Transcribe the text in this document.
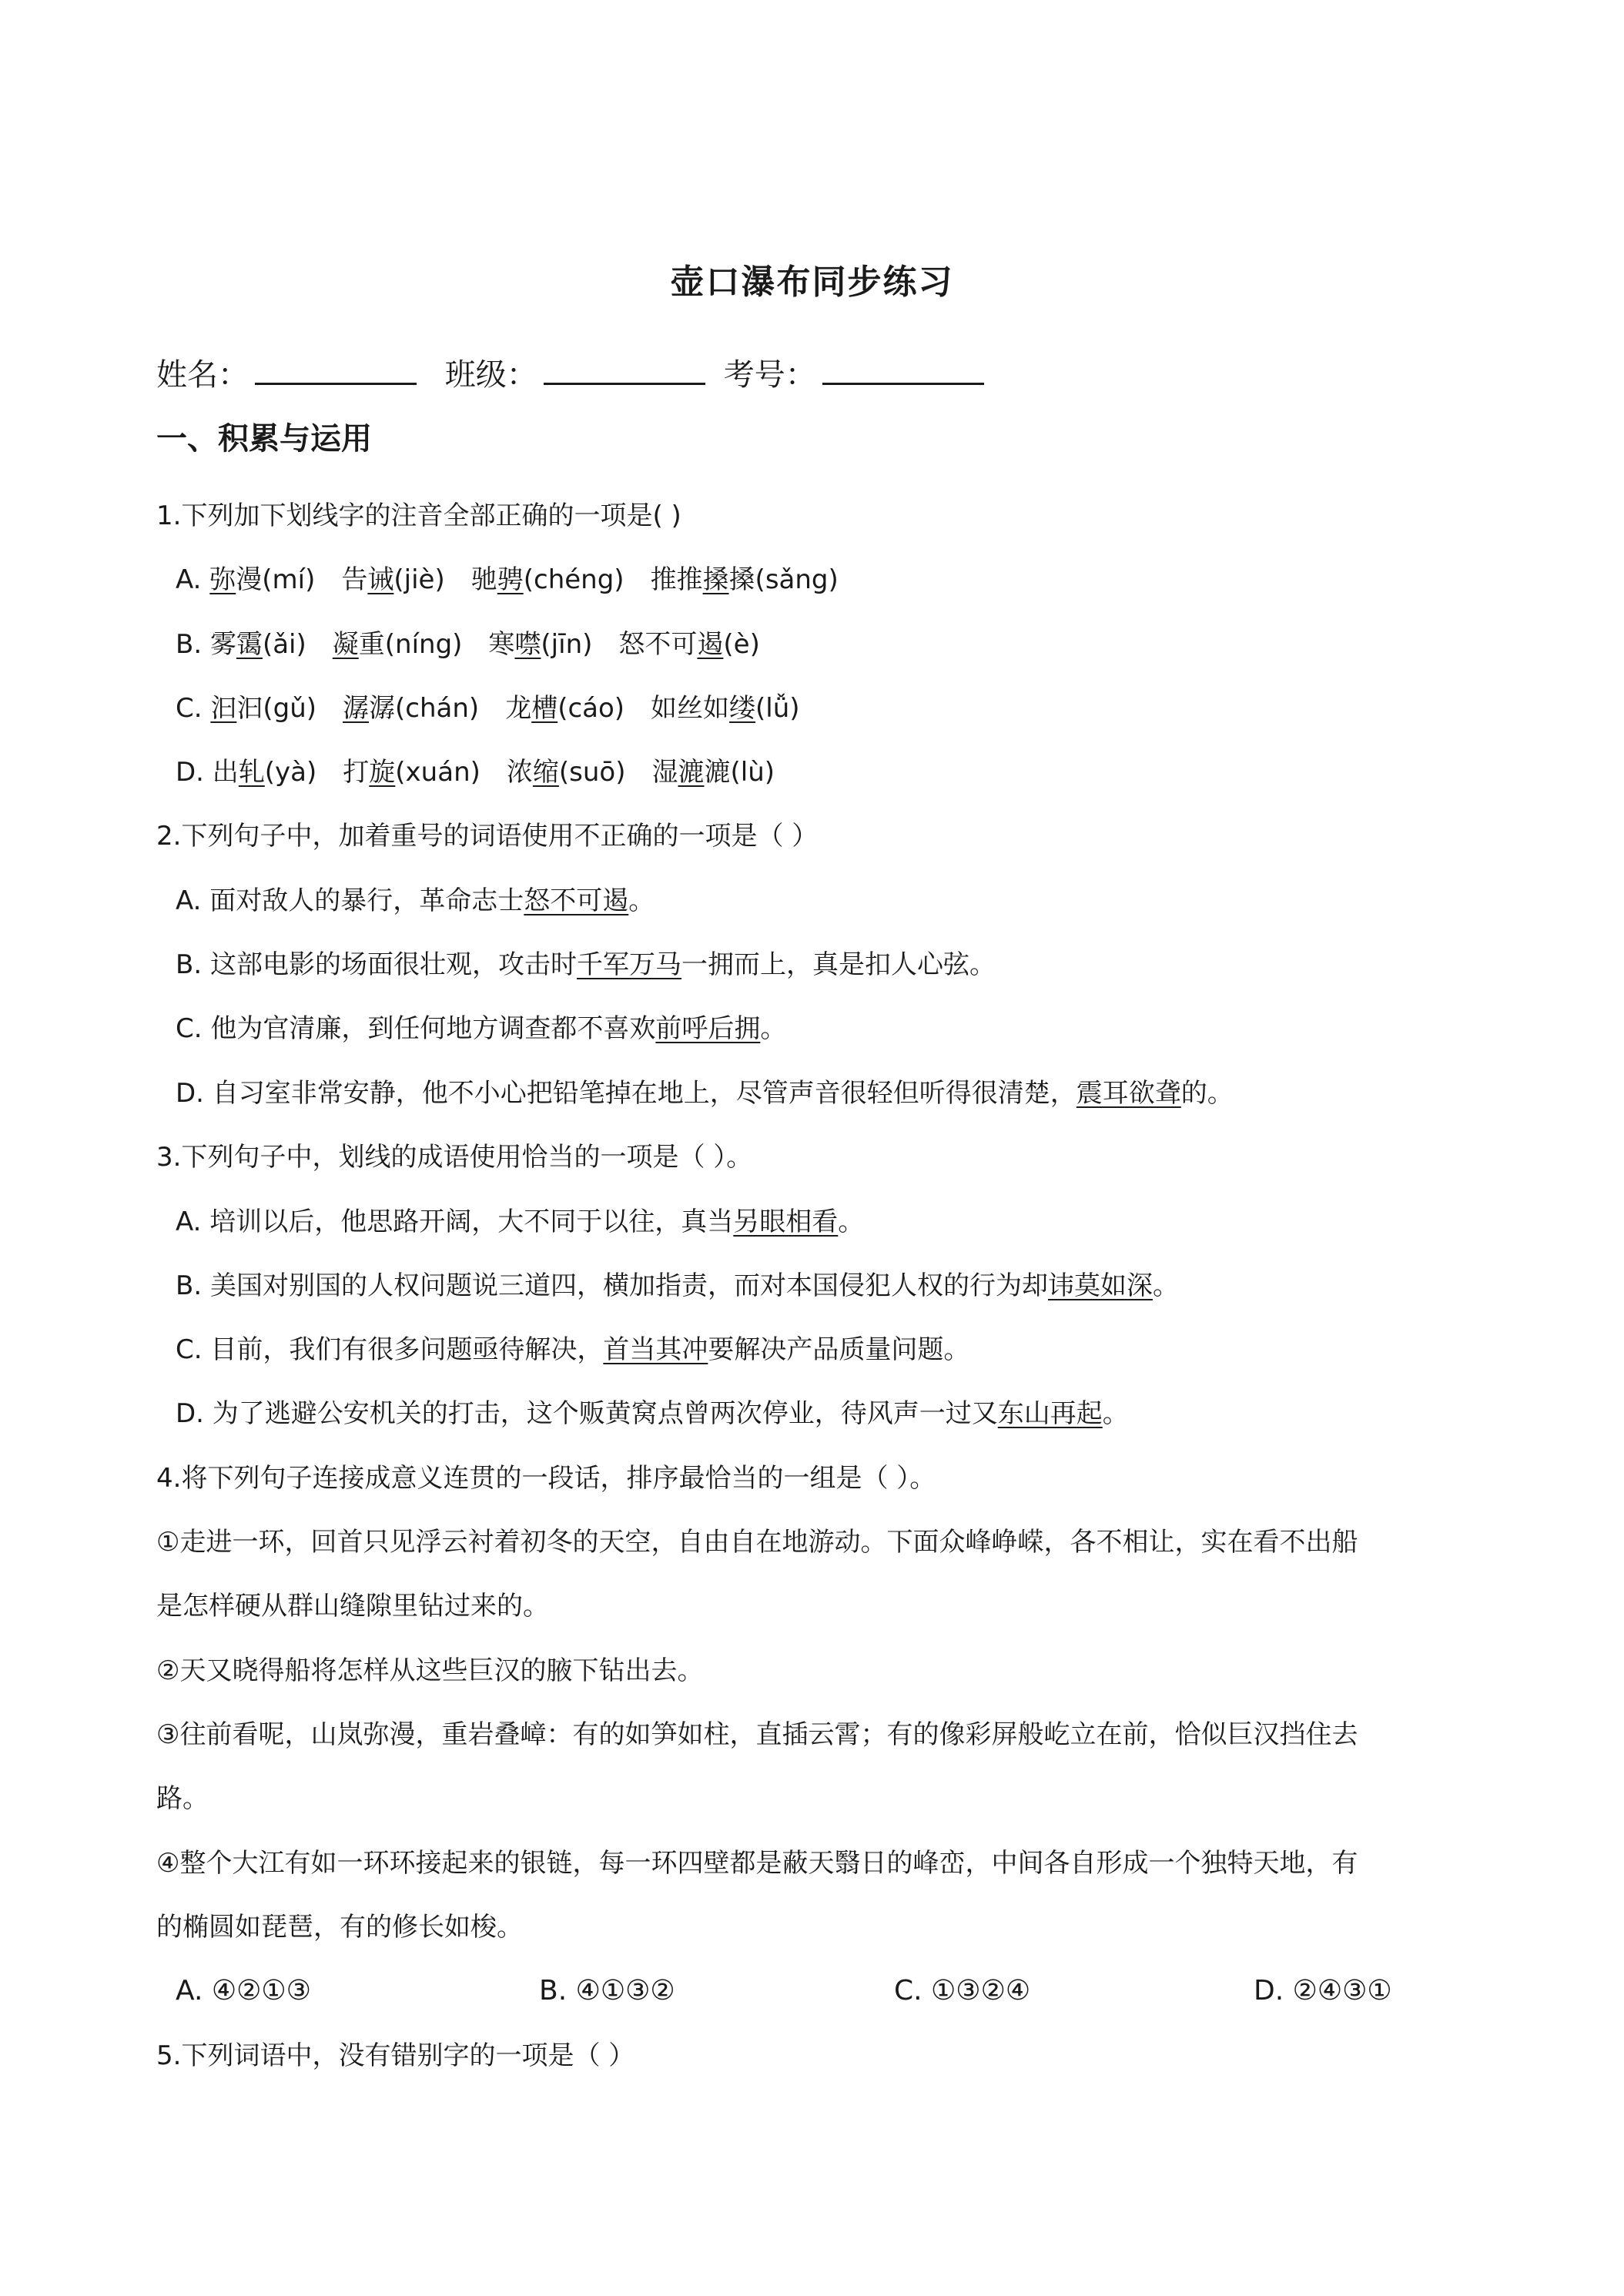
壶口瀑布同步练习
姓名：	班级：	考号：
一、积累与运用
1.下列加下划线字的注音全部正确的一项是( )
A. 弥漫(mí) 告诫(jiè) 驰骋(chéng) 推推搡搡(sǎng)
B. 雾霭(ǎi) 凝重(níng) 寒噤(jīn) 怒不可遏(è)
C. 汩汩(gǔ) 潺潺(chán) 龙槽(cáo) 如丝如缕(lǚ)
D. 出轧(yà) 打旋(xuán) 浓缩(suō) 湿漉漉(lù)
2.下列句子中，加着重号的词语使用不正确的一项是（ ）
A. 面对敌人的暴行，革命志士怒不可遏。
B. 这部电影的场面很壮观，攻击时千军万马一拥而上，真是扣人心弦。
C. 他为官清廉，到任何地方调查都不喜欢前呼后拥。
D. 自习室非常安静，他不小心把铅笔掉在地上，尽管声音很轻但听得很清楚，震耳欲聋的。
3.下列句子中，划线的成语使用恰当的一项是（ ）。
A. 培训以后，他思路开阔，大不同于以往，真当另眼相看。
B. 美国对别国的人权问题说三道四，横加指责，而对本国侵犯人权的行为却讳莫如深。
C. 目前，我们有很多问题亟待解决，首当其冲要解决产品质量问题。
D. 为了逃避公安机关的打击，这个贩黄窝点曾两次停业，待风声一过又东山再起。
4.将下列句子连接成意义连贯的一段话，排序最恰当的一组是（ ）。
①走进一环，回首只见浮云衬着初冬的天空，自由自在地游动。下面众峰峥嵘，各不相让，实在看不出船
是怎样硬从群山缝隙里钻过来的。
②天又晓得船将怎样从这些巨汉的腋下钻出去。
③往前看呢，山岚弥漫，重岩叠嶂：有的如笋如柱，直插云霄；有的像彩屏般屹立在前，恰似巨汉挡住去
路。
④整个大江有如一环环接起来的银链，每一环四壁都是蔽天翳日的峰峦，中间各自形成一个独特天地，有
的椭圆如琵琶，有的修长如梭。
A. ④②①③	B. ④①③②	C. ①③②④	D. ②④③①
5.下列词语中，没有错别字的一项是（ ）
